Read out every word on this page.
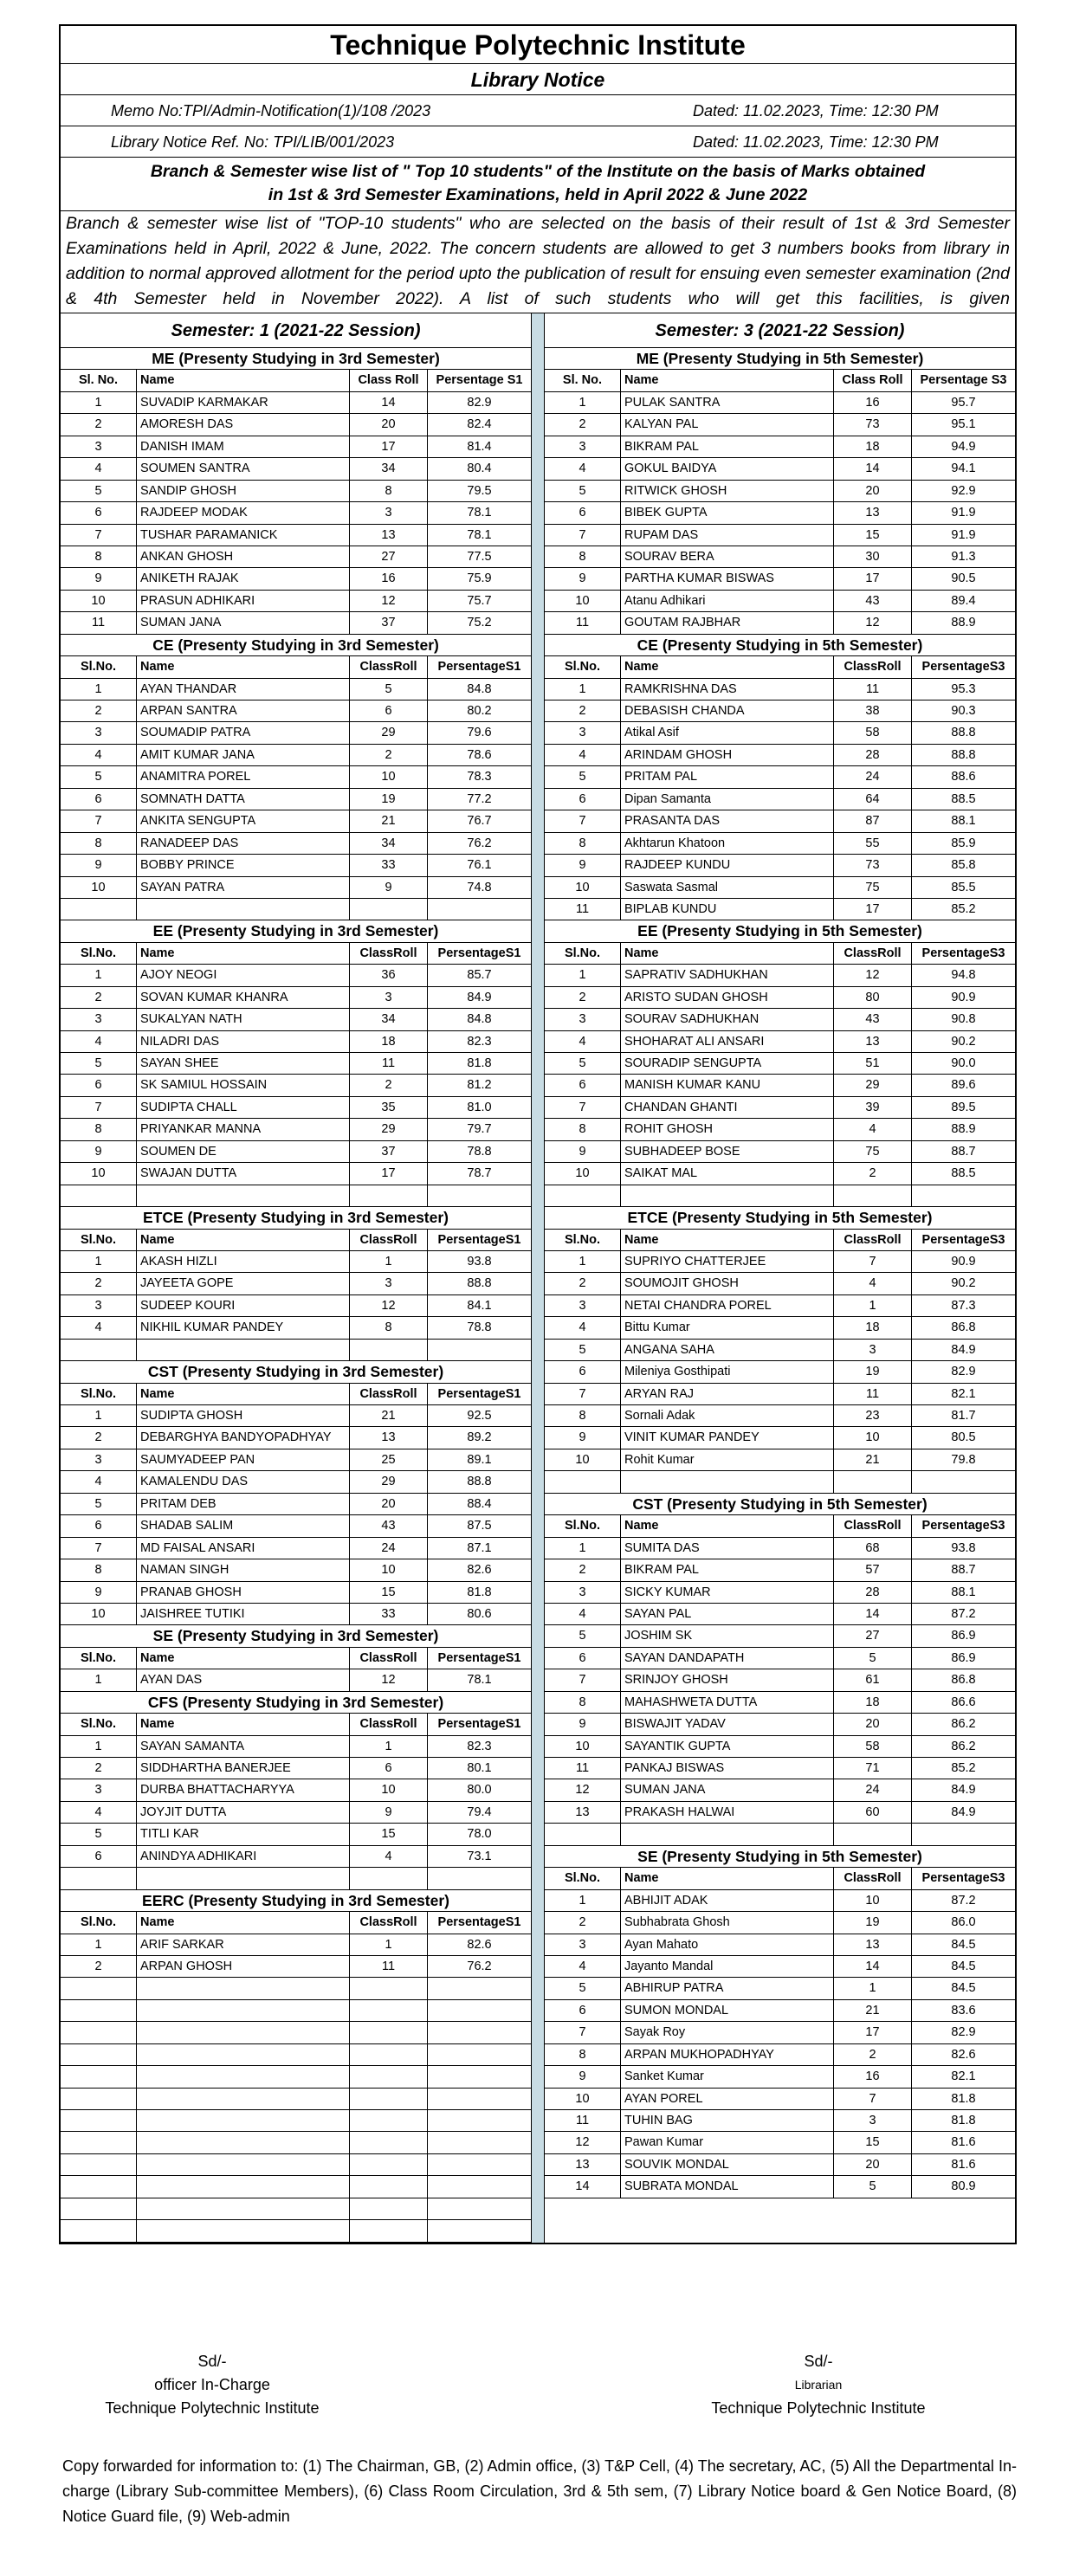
Technique Polytechnic Institute
Library Notice
Memo No:TPI/Admin-Notification(1)/108 /2023	Dated: 11.02.2023, Time: 12:30 PM
Library Notice Ref. No: TPI/LIB/001/2023	Dated: 11.02.2023, Time: 12:30 PM
Branch & Semester wise list of " Top 10 students" of the Institute on the basis of Marks obtained
in 1st & 3rd Semester Examinations, held in April 2022 & June 2022
Branch & semester wise list of "TOP-10 students" who are selected on the basis of their result of 1st & 3rd Semester Examinations held in April, 2022 & June, 2022. The concern students are allowed to get 3 numbers books from library in addition to normal approved allotment for the period upto the publication of result for ensuing even semester examination (2nd & 4th Semester held in November 2022). A list of such students who will get this facilities, is given
Semester: 1 (2021-22 Session)
ME (Presenty Studying in 3rd Semester)
Sl. No.	Name	Class Roll	Persentage S1
1	SUVADIP KARMAKAR	14	82.9
2	AMORESH DAS	20	82.4
3	DANISH IMAM	17	81.4
4	SOUMEN SANTRA	34	80.4
5	SANDIP GHOSH	8	79.5
6	RAJDEEP MODAK	3	78.1
7	TUSHAR PARAMANICK	13	78.1
8	ANKAN GHOSH	27	77.5
9	ANIKETH RAJAK	16	75.9
10	PRASUN ADHIKARI	12	75.7
11	SUMAN JANA	37	75.2
CE (Presenty Studying in 3rd Semester)
Sl.No.	Name	ClassRoll	PersentageS1
1	AYAN THANDAR	5	84.8
2	ARPAN SANTRA	6	80.2
3	SOUMADIP PATRA	29	79.6
4	AMIT KUMAR JANA	2	78.6
5	ANAMITRA POREL	10	78.3
6	SOMNATH DATTA	19	77.2
7	ANKITA SENGUPTA	21	76.7
8	RANADEEP DAS	34	76.2
9	BOBBY PRINCE	33	76.1
10	SAYAN PATRA	9	74.8
EE (Presenty Studying in 3rd Semester)
Sl.No.	Name	ClassRoll	PersentageS1
1	AJOY NEOGI	36	85.7
2	SOVAN KUMAR KHANRA	3	84.9
3	SUKALYAN NATH	34	84.8
4	NILADRI DAS	18	82.3
5	SAYAN SHEE	11	81.8
6	SK SAMIUL HOSSAIN	2	81.2
7	SUDIPTA CHALL	35	81.0
8	PRIYANKAR MANNA	29	79.7
9	SOUMEN DE	37	78.8
10	SWAJAN DUTTA	17	78.7
ETCE (Presenty Studying in 3rd Semester)
Sl.No.	Name	ClassRoll	PersentageS1
1	AKASH HIZLI	1	93.8
2	JAYEETA GOPE	3	88.8
3	SUDEEP KOURI	12	84.1
4	NIKHIL KUMAR PANDEY	8	78.8
CST (Presenty Studying in 3rd Semester)
Sl.No.	Name	ClassRoll	PersentageS1
1	SUDIPTA GHOSH	21	92.5
2	DEBARGHYA BANDYOPADHYAY	13	89.2
3	SAUMYADEEP PAN	25	89.1
4	KAMALENDU DAS	29	88.8
5	PRITAM DEB	20	88.4
6	SHADAB SALIM	43	87.5
7	MD FAISAL ANSARI	24	87.1
8	NAMAN SINGH	10	82.6
9	PRANAB GHOSH	15	81.8
10	JAISHREE TUTIKI	33	80.6
SE (Presenty Studying in 3rd Semester)
Sl.No.	Name	ClassRoll	PersentageS1
1	AYAN DAS	12	78.1
CFS (Presenty Studying in 3rd Semester)
Sl.No.	Name	ClassRoll	PersentageS1
1	SAYAN SAMANTA	1	82.3
2	SIDDHARTHA BANERJEE	6	80.1
3	DURBA BHATTACHARYYA	10	80.0
4	JOYJIT DUTTA	9	79.4
5	TITLI KAR	15	78.0
6	ANINDYA ADHIKARI	4	73.1
EERC (Presenty Studying in 3rd Semester)
Sl.No.	Name	ClassRoll	PersentageS1
1	ARIF SARKAR	1	82.6
2	ARPAN GHOSH	11	76.2
Semester: 3 (2021-22 Session)
ME (Presenty Studying in 5th Semester)
Sl. No.	Name	Class Roll	Persentage S3
1	PULAK SANTRA	16	95.7
2	KALYAN PAL	73	95.1
3	BIKRAM PAL	18	94.9
4	GOKUL BAIDYA	14	94.1
5	RITWICK GHOSH	20	92.9
6	BIBEK GUPTA	13	91.9
7	RUPAM DAS	15	91.9
8	SOURAV BERA	30	91.3
9	PARTHA KUMAR BISWAS	17	90.5
10	Atanu Adhikari	43	89.4
11	GOUTAM RAJBHAR	12	88.9
CE (Presenty Studying in 5th Semester)
Sl.No.	Name	ClassRoll	PersentageS3
1	RAMKRISHNA DAS	11	95.3
2	DEBASISH CHANDA	38	90.3
3	Atikal Asif	58	88.8
4	ARINDAM GHOSH	28	88.8
5	PRITAM PAL	24	88.6
6	Dipan Samanta	64	88.5
7	PRASANTA DAS	87	88.1
8	Akhtarun Khatoon	55	85.9
9	RAJDEEP KUNDU	73	85.8
10	Saswata Sasmal	75	85.5
11	BIPLAB KUNDU	17	85.2
EE (Presenty Studying in 5th Semester)
Sl.No.	Name	ClassRoll	PersentageS3
1	SAPRATIV SADHUKHAN	12	94.8
2	ARISTO SUDAN GHOSH	80	90.9
3	SOURAV SADHUKHAN	43	90.8
4	SHOHARAT ALI ANSARI	13	90.2
5	SOURADIP SENGUPTA	51	90.0
6	MANISH KUMAR KANU	29	89.6
7	CHANDAN GHANTI	39	89.5
8	ROHIT GHOSH	4	88.9
9	SUBHADEEP BOSE	75	88.7
10	SAIKAT MAL	2	88.5
ETCE (Presenty Studying in 5th Semester)
Sl.No.	Name	ClassRoll	PersentageS3
1	SUPRIYO CHATTERJEE	7	90.9
2	SOUMOJIT GHOSH	4	90.2
3	NETAI CHANDRA POREL	1	87.3
4	Bittu Kumar	18	86.8
5	ANGANA SAHA	3	84.9
6	Mileniya Gosthipati	19	82.9
7	ARYAN RAJ	11	82.1
8	Sornali Adak	23	81.7
9	VINIT KUMAR PANDEY	10	80.5
10	Rohit Kumar	21	79.8
CST (Presenty Studying in 5th Semester)
Sl.No.	Name	ClassRoll	PersentageS3
1	SUMITA DAS	68	93.8
2	BIKRAM PAL	57	88.7
3	SICKY KUMAR	28	88.1
4	SAYAN PAL	14	87.2
5	JOSHIM SK	27	86.9
6	SAYAN DANDAPATH	5	86.9
7	SRINJOY GHOSH	61	86.8
8	MAHASHWETA DUTTA	18	86.6
9	BISWAJIT YADAV	20	86.2
10	SAYANTIK GUPTA	58	86.2
11	PANKAJ BISWAS	71	85.2
12	SUMAN JANA	24	84.9
13	PRAKASH HALWAI	60	84.9
SE (Presenty Studying in 5th Semester)
Sl.No.	Name	ClassRoll	PersentageS3
1	ABHIJIT ADAK	10	87.2
2	Subhabrata Ghosh	19	86.0
3	Ayan Mahato	13	84.5
4	Jayanto Mandal	14	84.5
5	ABHIRUP PATRA	1	84.5
6	SUMON MONDAL	21	83.6
7	Sayak Roy	17	82.9
8	ARPAN MUKHOPADHYAY	2	82.6
9	Sanket Kumar	16	82.1
10	AYAN POREL	7	81.8
11	TUHIN BAG	3	81.8
12	Pawan Kumar	15	81.6
13	SOUVIK MONDAL	20	81.6
14	SUBRATA MONDAL	5	80.9
Sd/-
officer In-Charge
Technique Polytechnic Institute
Sd/-
Librarian
Technique Polytechnic Institute
Copy forwarded for information to: (1) The Chairman, GB, (2) Admin office, (3) T&P Cell, (4) The secretary, AC, (5) All the Departmental In-charge (Library Sub-committee Members), (6) Class Room Circulation, 3rd & 5th sem, (7) Library Notice board & Gen Notice Board, (8) Notice Guard file, (9) Web-admin
